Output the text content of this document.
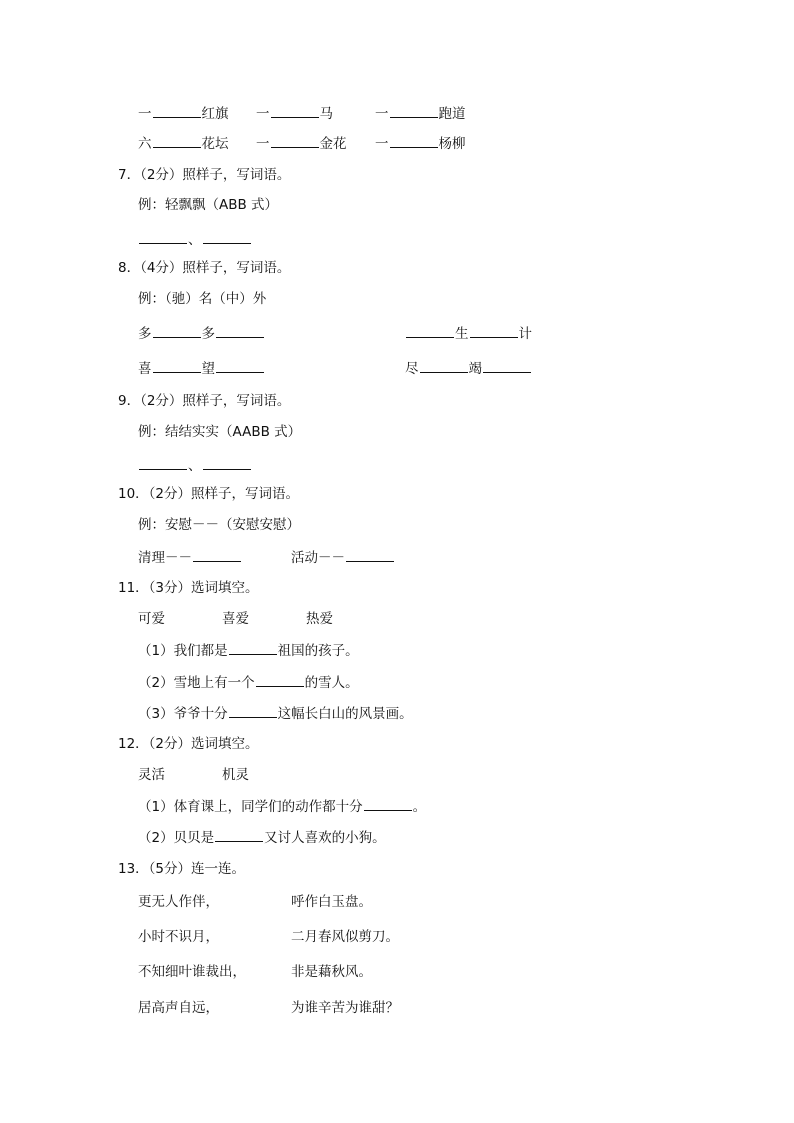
一	红旗 一	马	一	跑道
六	花坛 一	金花 一	杨柳
7．（2分）照样子，写词语。
例：轻飘飘（ABB 式）
、
8．（4分）照样子，写词语。
例：（驰）名（中）外
多	多	生	计
喜	望	尽	竭
9．（2分）照样子，写词语。
例：结结实实（AABB 式）
、
10．（2分）照样子，写词语。
例：安慰－－（安慰安慰）
清理－－	活动－－
11．（3分）选词填空。
可爱	喜爱	热爱
（1）我们都是	祖国的孩子。
（2）雪地上有一个	的雪人。
（3）爷爷十分	这幅长白山的风景画。
12．（2分）选词填空。
灵活	机灵
（1）体育课上，同学们的动作都十分	。
（2）贝贝是	又讨人喜欢的小狗。
13．（5分）连一连。
更无人作伴，	呼作白玉盘。
小时不识月，	二月春风似剪刀。
不知细叶谁裁出，	非是藉秋风。
居高声自远，	为谁辛苦为谁甜？
